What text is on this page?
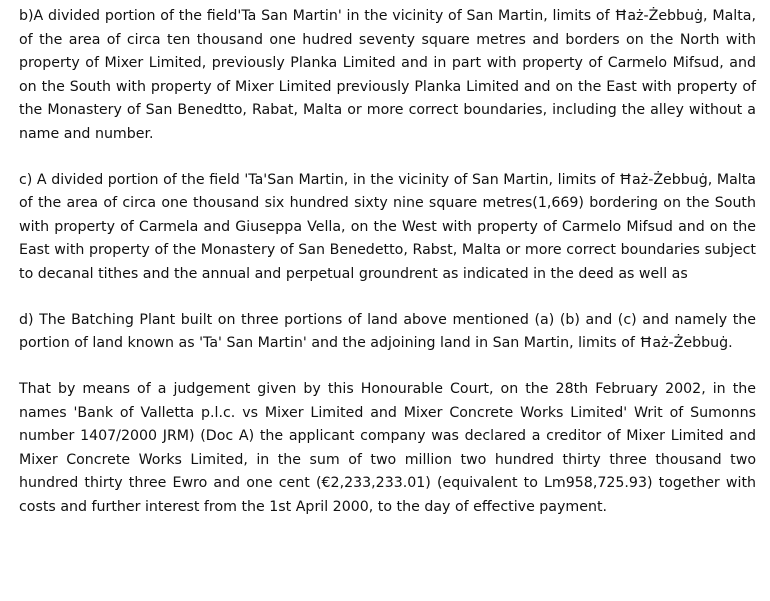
b)A divided portion of the field'Ta San Martin' in the vicinity of San Martin, limits of Ħaż-Żebbuġ, Malta, of the area of circa ten thousand one hudred seventy square metres and borders on the North with property of Mixer Limited, previously Planka Limited and in part with property of Carmelo Mifsud, and on the South with property of Mixer Limited previously Planka Limited and on the East with property of the Monastery of San Benedtto, Rabat, Malta or more correct boundaries, including the alley without a name and number.

c) A divided portion of the field 'Ta'San Martin, in the vicinity of San Martin, limits of Ħaż-Żebbuġ, Malta of the area of circa one thousand six hundred sixty nine square metres(1,669) bordering on the South with property of Carmela and Giuseppa Vella, on the West with property of Carmelo Mifsud and on the East with property of the Monastery of San Benedetto, Rabst, Malta or more correct boundaries subject to decanal tithes and the annual and perpetual groundrent as indicated in the deed as well as

d) The Batching Plant built on three portions of land above mentioned (a) (b) and (c) and namely the portion of land known as 'Ta' San Martin' and the adjoining land in San Martin, limits of Ħaż-Żebbuġ.

That by means of a judgement given by this Honourable Court, on the 28th February 2002, in the names 'Bank of Valletta p.l.c. vs Mixer Limited and Mixer Concrete Works Limited' Writ of Sumonns number 1407/2000 JRM) (Doc A) the applicant company was declared a creditor of Mixer Limited and Mixer Concrete Works Limited, in the sum of two million two hundred thirty three thousand two hundred thirty three Ewro and one cent (€2,233,233.01) (equivalent to Lm958,725.93) together with costs and further interest from the 1st April 2000, to the day of effective payment.
